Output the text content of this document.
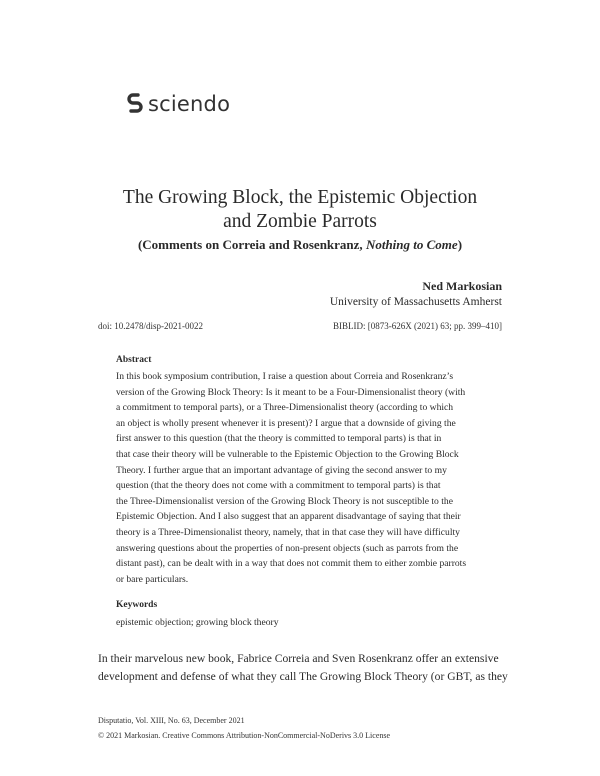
sciendo
The Growing Block, the Epistemic Objection
and Zombie Parrots
(Comments on Correia and Rosenkranz, Nothing to Come)
Ned Markosian
University of Massachusetts Amherst
doi: 10.2478/disp-2021-0022	BIBLID: [0873-626X (2021) 63; pp. 399–410]
Abstract
In this book symposium contribution, I raise a question about Correia and Rosenkranz’s
version of the Growing Block Theory: Is it meant to be a Four-Dimensionalist theory (with
a commitment to temporal parts), or a Three-Dimensionalist theory (according to which
an object is wholly present whenever it is present)? I argue that a downside of giving the
first answer to this question (that the theory is committed to temporal parts) is that in
that case their theory will be vulnerable to the Epistemic Objection to the Growing Block
Theory. I further argue that an important advantage of giving the second answer to my
question (that the theory does not come with a commitment to temporal parts) is that
the Three-Dimensionalist version of the Growing Block Theory is not susceptible to the
Epistemic Objection. And I also suggest that an apparent disadvantage of saying that their
theory is a Three-Dimensionalist theory, namely, that in that case they will have difficulty
answering questions about the properties of non-present objects (such as parrots from the
distant past), can be dealt with in a way that does not commit them to either zombie parrots
or bare particulars.
Keywords
epistemic objection; growing block theory
In their marvelous new book, Fabrice Correia and Sven Rosenkranz offer an extensive
development and defense of what they call The Growing Block Theory (or GBT, as they
Disputatio, Vol. XIII, No. 63, December 2021
© 2021 Markosian. Creative Commons Attribution-NonCommercial-NoDerivs 3.0 License
